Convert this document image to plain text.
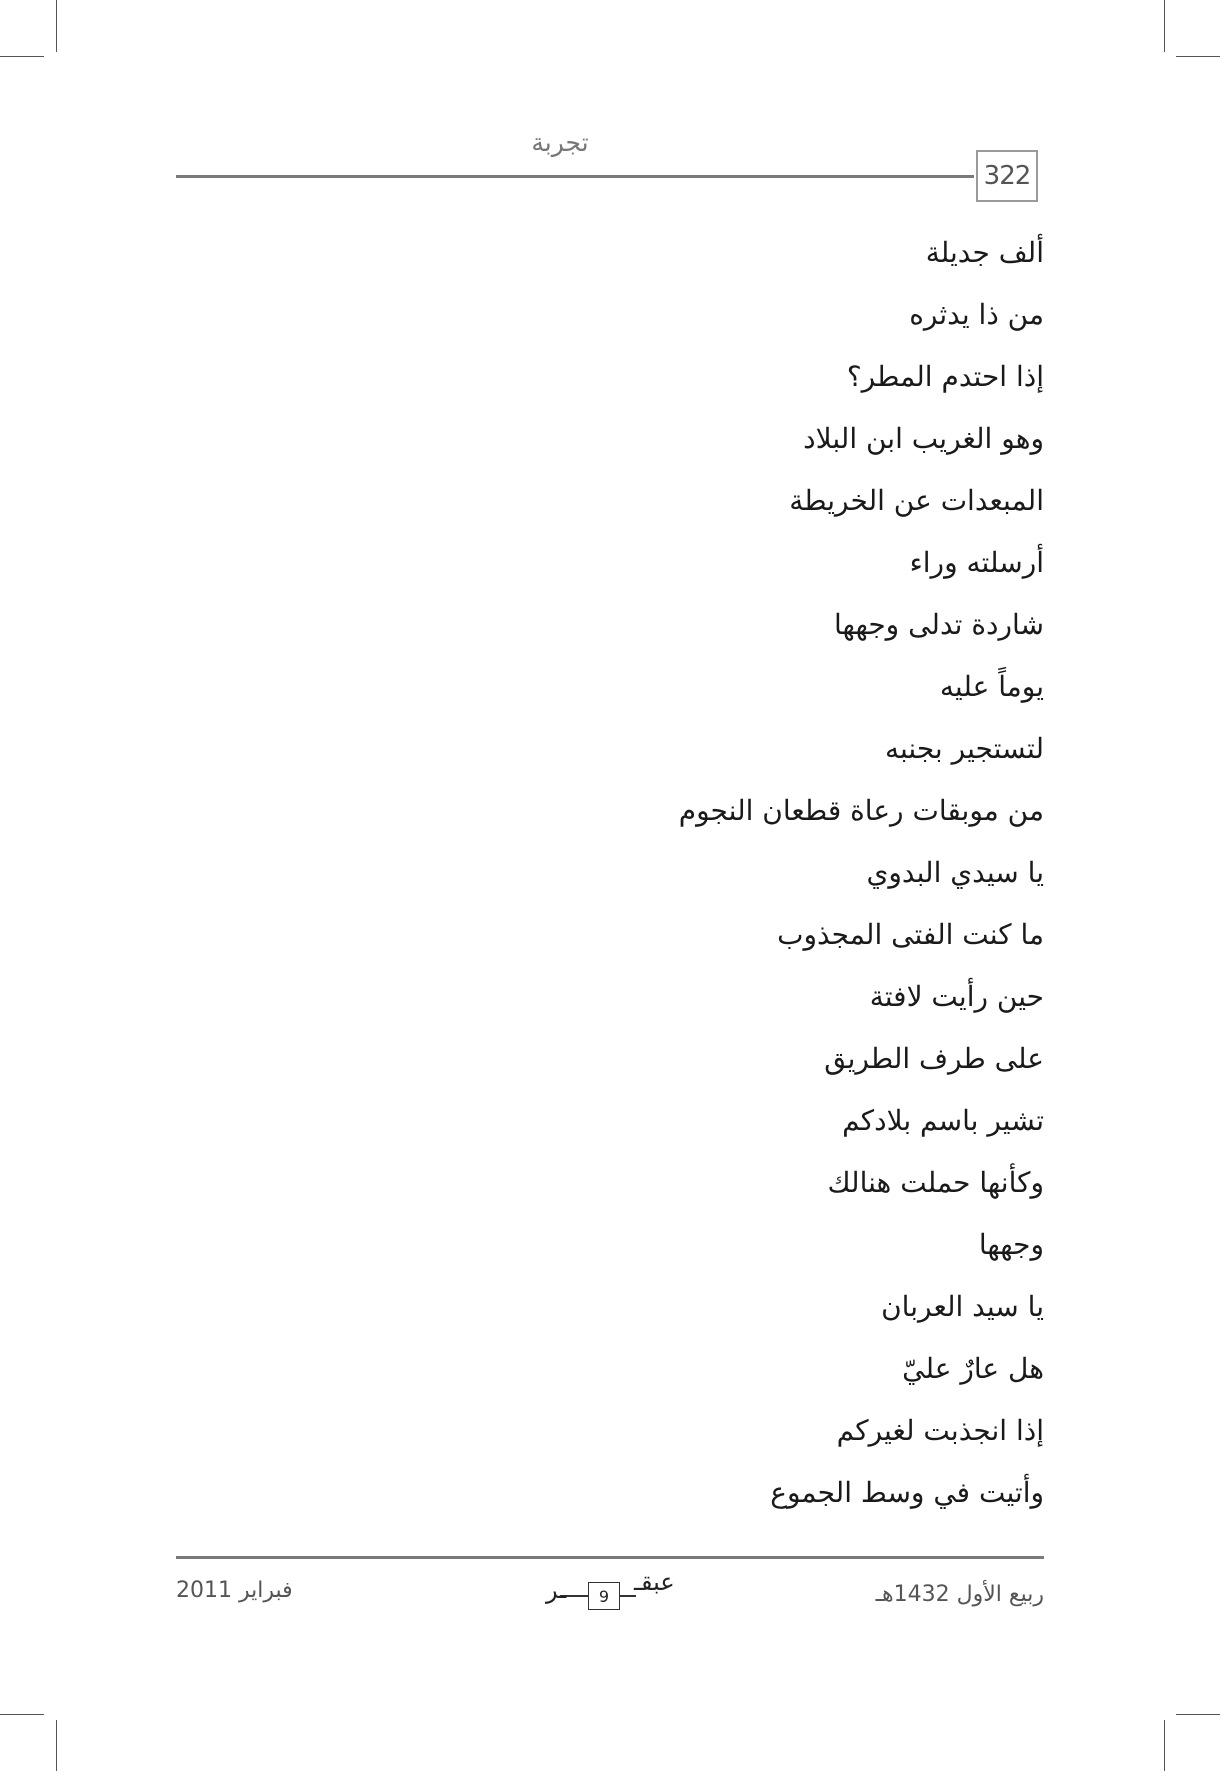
تجربة
322
ألف جديلة
من ذا يدثره
إذا احتدم المطر؟
وهو الغريب ابن البلاد
المبعدات عن الخريطة
أرسلته وراء
شاردة تدلى وجهها
يوماً عليه
لتستجير بجنبه
من موبقات رعاة قطعان النجوم
يا سيدي البدوي
ما كنت الفتى المجذوب
حين رأيت لافتة
على طرف الطريق
تشير باسم بلادكم
وكأنها حملت هنالك
وجهها
يا سيد العربان
هل عارٌ عليّ
إذا انجذبت لغيركم
وأتيت في وسط الجموع
فبراير 2011	ـر	9	عبقـ	ربيع الأول 1432هـ
